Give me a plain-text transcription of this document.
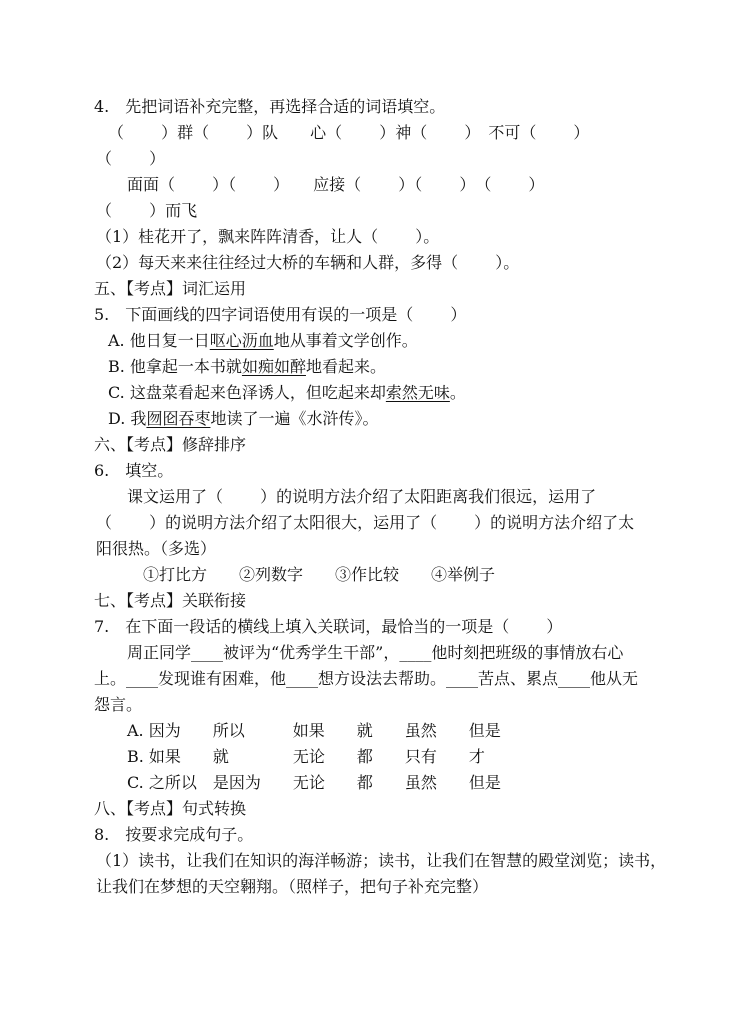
4.　先把词语补充完整，再选择合适的词语填空。
（　　 ）群（　　 ）队　　心（　　 ）神（　　 ）　不可（　　 ）
（　　 ）
面面（　　 ）（　　 ）　　应接（　　 ）（　　 ）　（　　 ）
（　　 ）而飞
（1）桂花开了，飘来阵阵清香，让人（　　 ）。
（2）每天来来往往经过大桥的车辆和人群，多得（　　 ）。
五、【考点】词汇运用
5.　下面画线的四字词语使用有误的一项是（　　 ）
A. 他日复一日呕心沥血地从事着文学创作。
B. 他拿起一本书就如痴如醉地看起来。
C. 这盘菜看起来色泽诱人，但吃起来却索然无味。
D. 我囫囵吞枣地读了一遍《水浒传》。
六、【考点】修辞排序
6.　填空。
课文运用了（　　 ）的说明方法介绍了太阳距离我们很远，运用了
（　　 ）的说明方法介绍了太阳很大，运用了（　　 ）的说明方法介绍了太
阳很热。（多选）
①打比方　　②列数字　　③作比较　　④举例子
七、【考点】关联衔接
7.　在下面一段话的横线上填入关联词，最恰当的一项是（　　 ）
周正同学____被评为“优秀学生干部”，____他时刻把班级的事情放右心
上。____发现谁有困难，他____想方设法去帮助。____苦点、累点____他从无
怨言。
A. 因为　　所以　　　如果　　就　　虽然　　但是
B. 如果　　就　　　　无论　　都　　只有　　才
C. 之所以　是因为　　无论　　都　　虽然　　但是
八、【考点】句式转换
8.　按要求完成句子。
（1）读书，让我们在知识的海洋畅游；读书，让我们在智慧的殿堂浏览；读书，
让我们在梦想的天空翱翔。（照样子，把句子补充完整）
